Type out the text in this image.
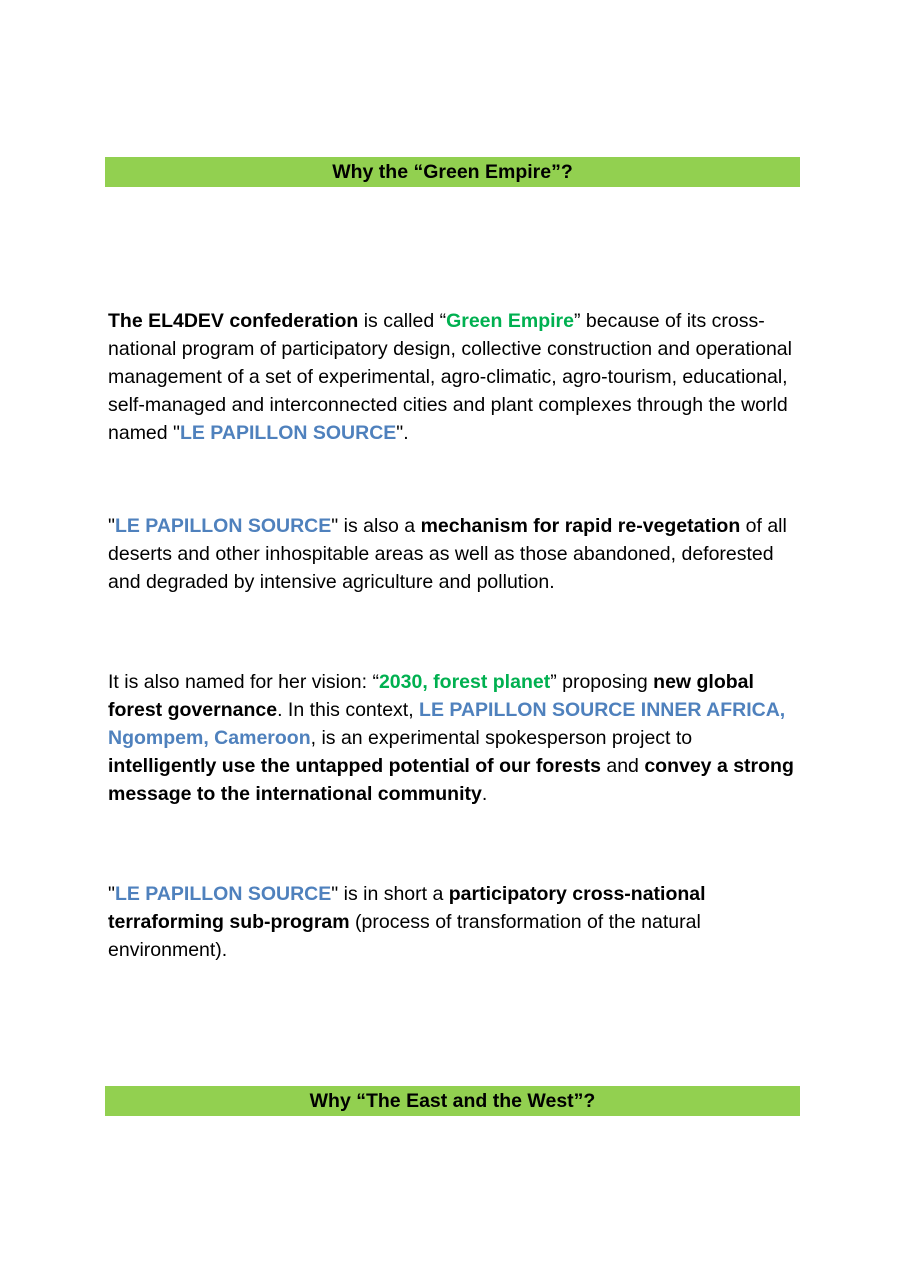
Why the “Green Empire”?

The EL4DEV confederation is called “Green Empire” because of its cross-national program of participatory design, collective construction and operational management of a set of experimental, agro-climatic, agro-tourism, educational, self-managed and interconnected cities and plant complexes through the world named "LE PAPILLON SOURCE".

"LE PAPILLON SOURCE" is also a mechanism for rapid re-vegetation of all deserts and other inhospitable areas as well as those abandoned, deforested and degraded by intensive agriculture and pollution.

It is also named for her vision: “2030, forest planet” proposing new global forest governance. In this context, LE PAPILLON SOURCE INNER AFRICA, Ngompem, Cameroon, is an experimental spokesperson project to intelligently use the untapped potential of our forests and convey a strong message to the international community.

"LE PAPILLON SOURCE" is in short a participatory cross-national terraforming sub-program (process of transformation of the natural environment).

Why “The East and the West”?
